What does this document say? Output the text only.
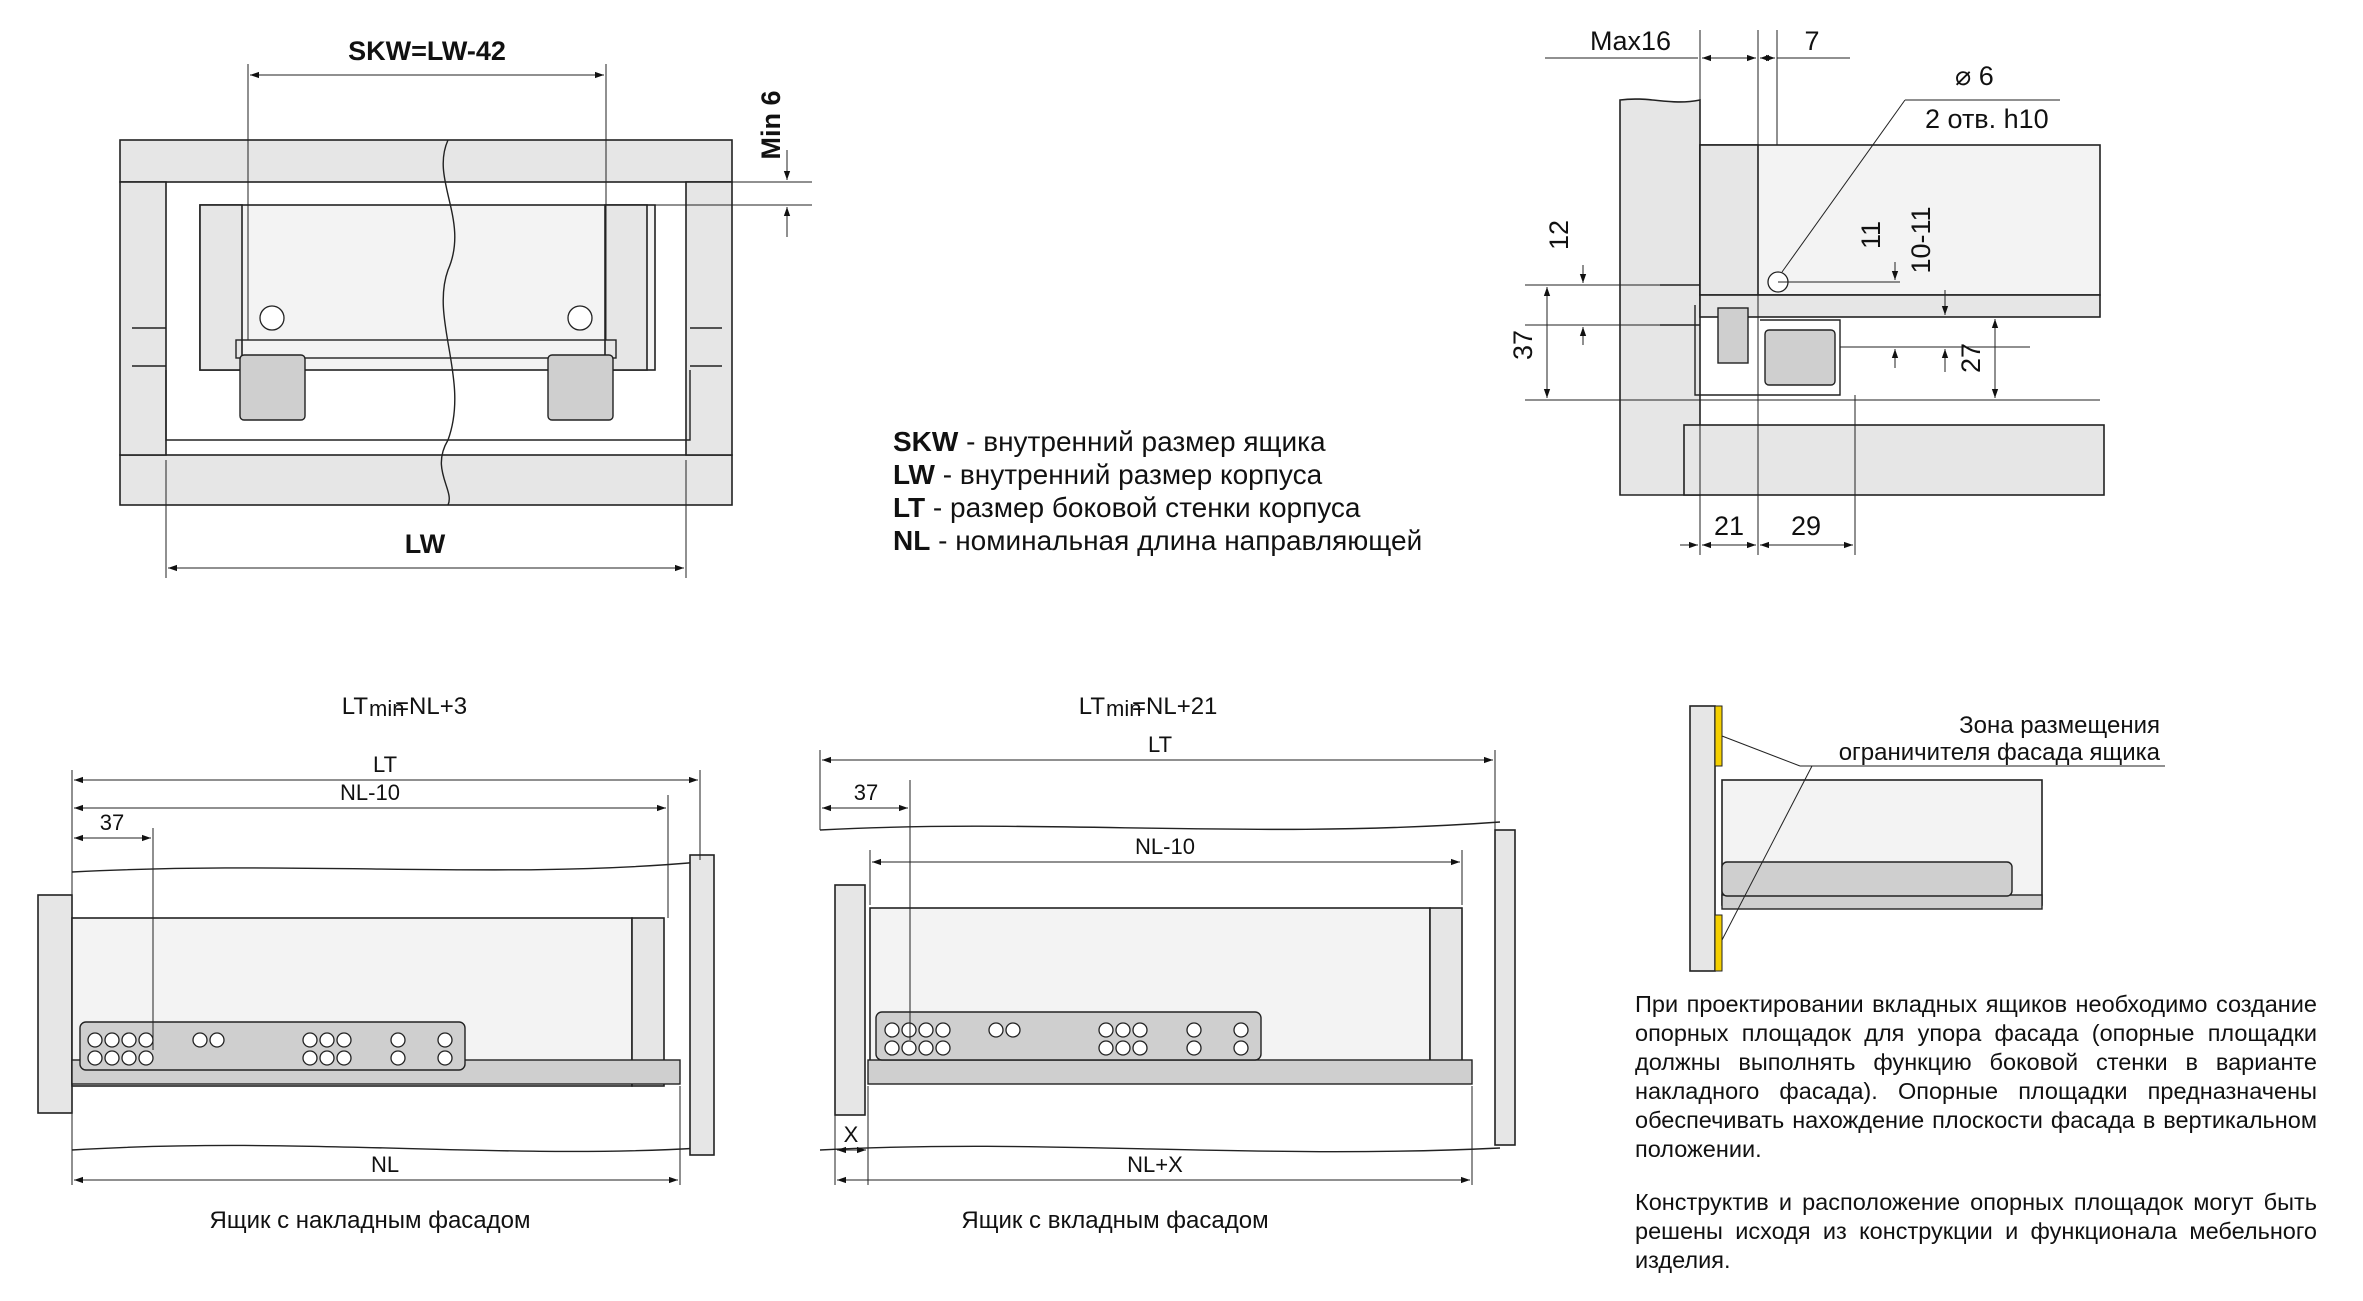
SKW=LW-42
LW
Min 6
Max16	7
⌀ 6
2 отв. h10
12
37
11 10-11
27
21 29
LT min
=NL+3
LT
NL-10
37
NL
Ящик с накладным фасадом
LT min
=NL+21
LT
37
NL-10
X
NL+X
Ящик с вкладным фасадом
Зона размещения
ограничителя фасада ящика
SKW - внутренний размер ящика
LW - внутренний размер корпуса
LT - размер боковой стенки корпуса
NL - номинальная длина направляющей
При проектировании вкладных ящиков необходимо создание опорных площадок для упора фасада (опорные площадки должны выполнять функцию боковой стенки в варианте накладного фасада). Опорные площадки предназначены обеспечивать нахождение плоскости фасада в вертикальном положении.
Конструктив и расположение опорных площадок могут быть решены исходя из конструкции и функционала мебельного изделия.
